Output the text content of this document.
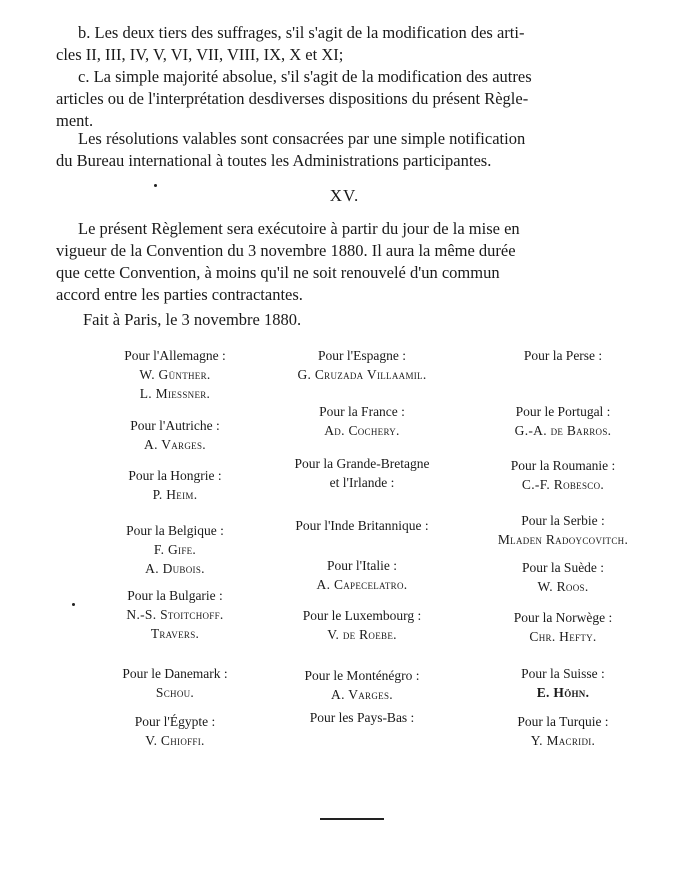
b. Les deux tiers des suffrages, s'il s'agit de la modification des arti-
cles II, III, IV, V, VI, VII, VIII, IX, X et XI;
c. La simple majorité absolue, s'il s'agit de la modification des autres
articles ou de l'interprétation desdiverses dispositions du présent Règle-
ment.
Les résolutions valables sont consacrées par une simple notification
du Bureau international à toutes les Administrations participantes.
XV.
Le présent Règlement sera exécutoire à partir du jour de la mise en
vigueur de la Convention du 3 novembre 1880. Il aura la même durée
que cette Convention, à moins qu'il ne soit renouvelé d'un commun
accord entre les parties contractantes.
Fait à Paris, le 3 novembre 1880.
Pour l'Allemagne :
W. Günther.
L. Miessner.
Pour l'Autriche :
A. Varges.
Pour la Hongrie :
P. Heim.
Pour la Belgique :
F. Gife.
A. Dubois.
Pour la Bulgarie :
N.-S. Stoitchoff.
Travers.
Pour le Danemark :
Schou.
Pour l'Égypte :
V. Chioffi.
Pour l'Espagne :
G. Cruzada Villaamil.
Pour la France :
Ad. Cochery.
Pour la Grande-Bretagne
et l'Irlande :
Pour l'Inde Britannique :
Pour l'Italie :
A. Capecelatro.
Pour le Luxembourg :
V. de Roebe.
Pour le Monténégro :
A. Varges.
Pour les Pays-Bas :
Pour la Perse :
Pour le Portugal :
G.-A. de Barros.
Pour la Roumanie :
C.-F. Robesco.
Pour la Serbie :
Mladen Radoycovitch.
Pour la Suède :
W. Roos.
Pour la Norwège :
Chr. Hefty.
Pour la Suisse :
E. Höhn.
Pour la Turquie :
Y. Macridi.
